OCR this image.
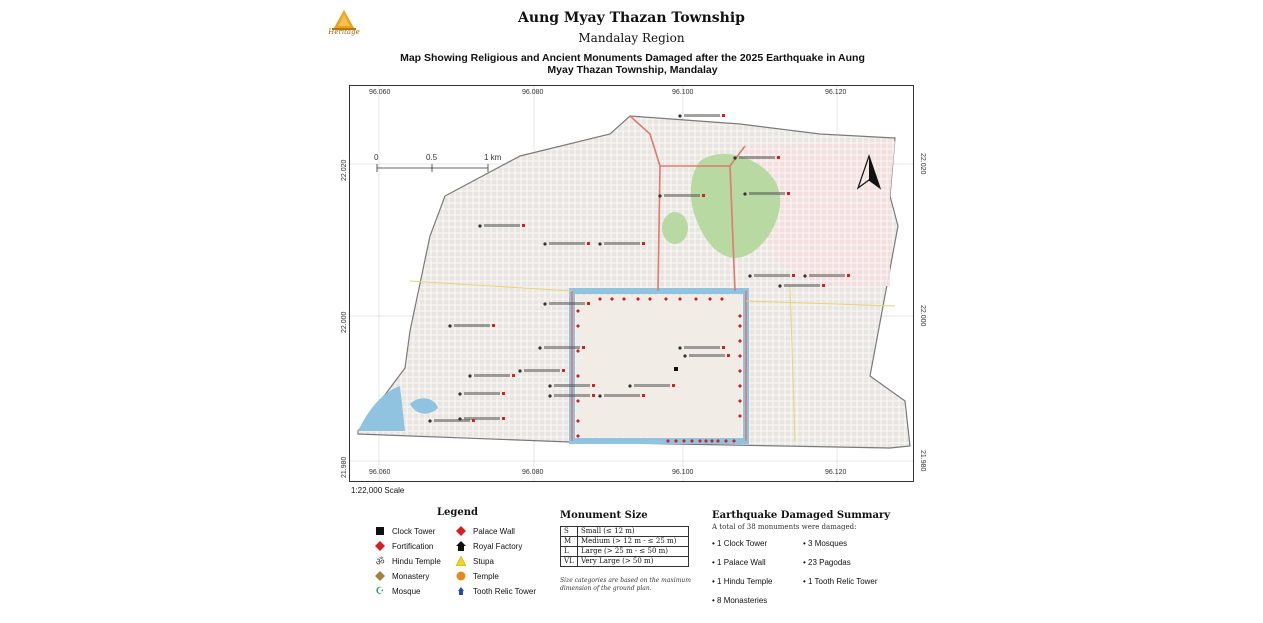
Heritage
Aung Myay Thazan Township
Mandalay Region
Map Showing Religious and Ancient Monuments Damaged after the 2025 Earthquake in Aung
Myay Thazan Township, Mandalay
0	0.5	1 km
96.060	96.080	96.100	96.120
96.060	96.080	96.100	96.120
22.020
22.000
21.980
22.020
22.000
21.980
1:22,000 Scale
Legend
Clock Tower	Palace Wall
Fortification	Royal Factory
ॐ Hindu Temple	Stupa
Monastery	Temple
☪ Mosque	Tooth Relic Tower
Monument Size
S	Small (≤ 12 m)
M	Medium (> 12 m - ≤ 25 m)
L	Large (> 25 m - ≤ 50 m)
VL	Very Large (> 50 m)
Size categories are based on the maximum dimension of the ground plan.
Earthquake Damaged Summary
A total of 38 monuments were damaged:
• 1 Clock Tower	• 3 Mosques
• 1 Palace Wall	• 23 Pagodas
• 1 Hindu Temple	• 1 Tooth Relic Tower
• 8 Monasteries
